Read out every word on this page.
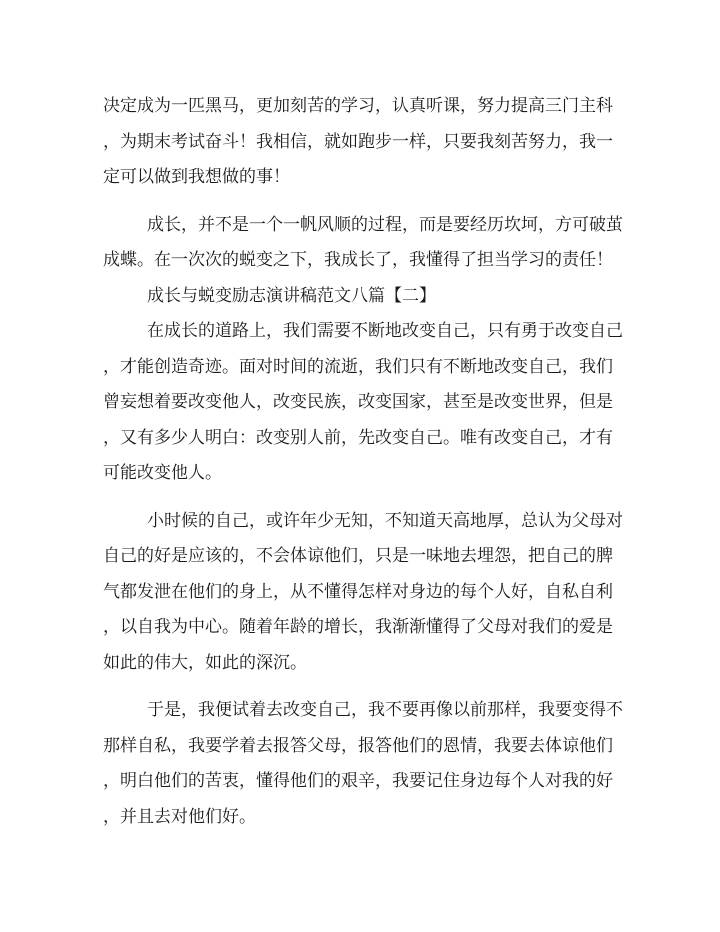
决定成为一匹黑马，更加刻苦的学习，认真听课，努力提高三门主科
，为期末考试奋斗！我相信，就如跑步一样，只要我刻苦努力，我一
定可以做到我想做的事！
成长，并不是一个一帆风顺的过程，而是要经历坎坷，方可破茧
成蝶。在一次次的蜕变之下，我成长了，我懂得了担当学习的责任！
成长与蜕变励志演讲稿范文八篇【二】
在成长的道路上，我们需要不断地改变自己，只有勇于改变自己
，才能创造奇迹。面对时间的流逝，我们只有不断地改变自己，我们
曾妄想着要改变他人，改变民族，改变国家，甚至是改变世界，但是
，又有多少人明白：改变别人前，先改变自己。唯有改变自己，才有
可能改变他人。
小时候的自己，或许年少无知，不知道天高地厚，总认为父母对
自己的好是应该的，不会体谅他们，只是一味地去埋怨，把自己的脾
气都发泄在他们的身上，从不懂得怎样对身边的每个人好，自私自利
，以自我为中心。随着年龄的增长，我渐渐懂得了父母对我们的爱是
如此的伟大，如此的深沉。
于是，我便试着去改变自己，我不要再像以前那样，我要变得不
那样自私，我要学着去报答父母，报答他们的恩情，我要去体谅他们
，明白他们的苦衷，懂得他们的艰辛，我要记住身边每个人对我的好
，并且去对他们好。
